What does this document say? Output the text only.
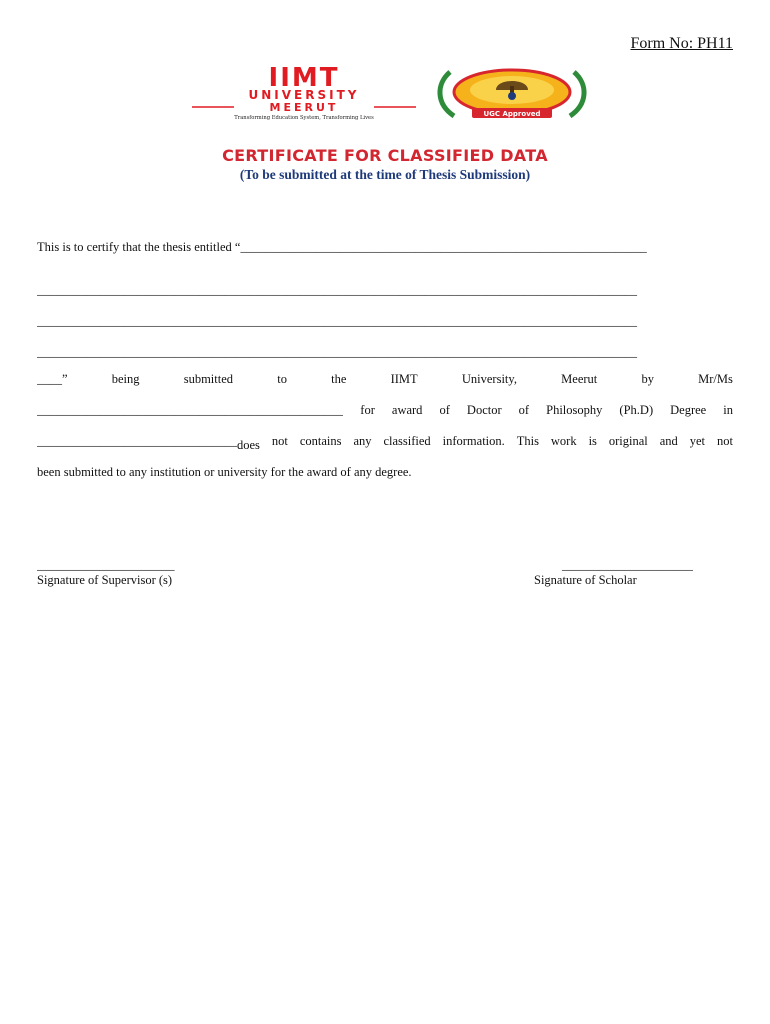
Form No: PH11
IIMT
UNIVERSITY
MEERUT
Transforming Education System, Transforming Lives	UGC Approved
CERTIFICATE FOR CLASSIFIED DATA
(To be submitted at the time of Thesis Submission)
This is to certify that the thesis entitled “_________________________________________________________________
________________________________________________________________________________________________
________________________________________________________________________________________________
________________________________________________________________________________________________
____”	being	submitted	to	the	IIMT	University,	Meerut	by	Mr/Ms
_________________________________________________ for award of Doctor of Philosophy (Ph.D) Degree in
________________________________does not contains any classified information. This work is original and yet not
been submitted to any institution or university for the award of any degree.
______________________
Signature of Supervisor (s)
_____________________
Signature of Scholar
